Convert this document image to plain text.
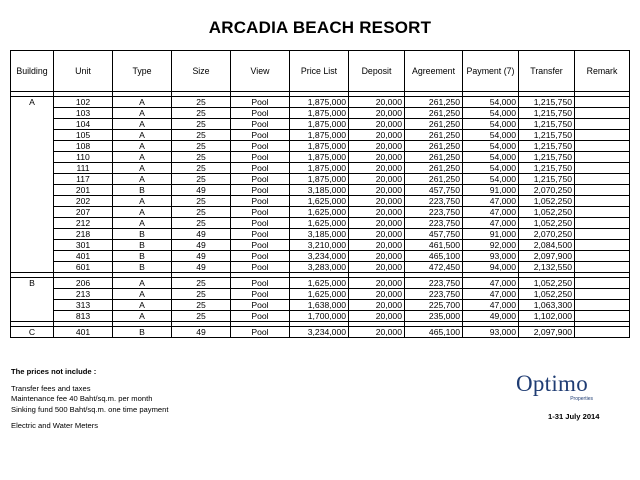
ARCADIA BEACH RESORT
Building	Unit	Type	Size	View	Price List	Deposit	Agreement	Payment (7)	Transfer	Remark

A	102	A	25	Pool	1,875,000	20,000	261,250	54,000	1,215,750	
	103	A	25	Pool	1,875,000	20,000	261,250	54,000	1,215,750	
	104	A	25	Pool	1,875,000	20,000	261,250	54,000	1,215,750	
	105	A	25	Pool	1,875,000	20,000	261,250	54,000	1,215,750	
	108	A	25	Pool	1,875,000	20,000	261,250	54,000	1,215,750	
	110	A	25	Pool	1,875,000	20,000	261,250	54,000	1,215,750	
	111	A	25	Pool	1,875,000	20,000	261,250	54,000	1,215,750	
	117	A	25	Pool	1,875,000	20,000	261,250	54,000	1,215,750	
	201	B	49	Pool	3,185,000	20,000	457,750	91,000	2,070,250	
	202	A	25	Pool	1,625,000	20,000	223,750	47,000	1,052,250	
	207	A	25	Pool	1,625,000	20,000	223,750	47,000	1,052,250	
	212	A	25	Pool	1,625,000	20,000	223,750	47,000	1,052,250	
	218	B	49	Pool	3,185,000	20,000	457,750	91,000	2,070,250	
	301	B	49	Pool	3,210,000	20,000	461,500	92,000	2,084,500	
	401	B	49	Pool	3,234,000	20,000	465,100	93,000	2,097,900	
	601	B	49	Pool	3,283,000	20,000	472,450	94,000	2,132,550	

B	206	A	25	Pool	1,625,000	20,000	223,750	47,000	1,052,250	
	213	A	25	Pool	1,625,000	20,000	223,750	47,000	1,052,250	
	313	A	25	Pool	1,638,000	20,000	225,700	47,000	1,063,300	
	813	A	25	Pool	1,700,000	20,000	235,000	49,000	1,102,000	

C	401	B	49	Pool	3,234,000	20,000	465,100	93,000	2,097,900	
The prices not include :
Transfer fees and taxes
Maintenance fee 40 Baht/sq.m. per month
Sinking fund 500 Baht/sq.m. one time payment
Electric and Water Meters
Optimo
Properties
1-31 July 2014
